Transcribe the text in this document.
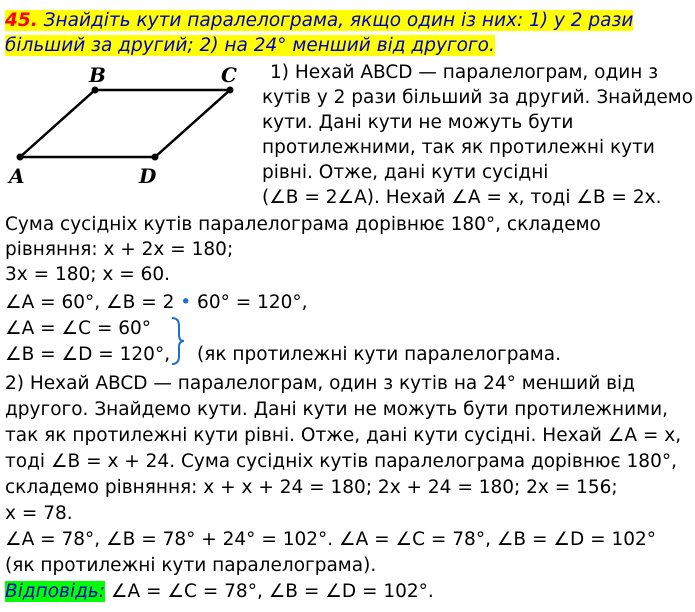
45. Знайдіть кути паралелограма, якщо один із них: 1) у 2 рази
більший за другий; 2) на 24° менший від другого.
B	C
A	D
1) Нехай ABCD — паралелограм, один з
кутів у 2 рази більший за другий. Знайдемо
кути. Дані кути не можуть бути
протилежними, так як протилежні кути
рівні. Отже, дані кути сусідні
(∠B = 2∠A). Нехай ∠A = x, тоді ∠B = 2x.
Сума сусідніх кутів паралелограма дорівнює 180°, складемо
рівняння: x + 2x = 180;
3x = 180; x = 60.
∠A = 60°, ∠B = 2 • 60° = 120°,
∠A = ∠C = 60°
∠B = ∠D = 120°, (як протилежні кути паралелограма.
2) Нехай ABCD — паралелограм, один з кутів на 24° менший від
другого. Знайдемо кути. Дані кути не можуть бути протилежними,
так як протилежні кути рівні. Отже, дані кути сусідні. Нехай ∠A = x,
тоді ∠B = x + 24. Сума сусідніх кутів паралелограма дорівнює 180°,
складемо рівняння: x + x + 24 = 180; 2x + 24 = 180; 2x = 156;
x = 78.
∠A = 78°, ∠B = 78° + 24° = 102°. ∠A = ∠C = 78°, ∠B = ∠D = 102°
(як протилежні кути паралелограма).
Відповідь: ∠A = ∠C = 78°, ∠B = ∠D = 102°.
